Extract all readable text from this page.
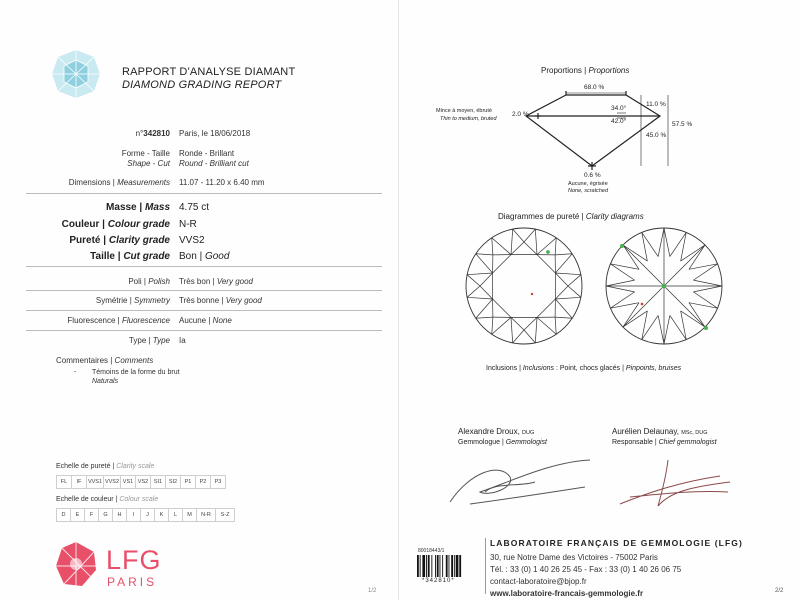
RAPPORT D'ANALYSE DIAMANT
DIAMOND GRADING REPORT
n°342810 Paris, le 18/06/2018
Forme - Taille
Shape - Cut
Ronde - Brillant
Round - Brilliant cut
Dimensions | Measurements 11.07 - 11.20 x 6.40 mm
Masse | Mass 4.75 ct
Couleur | Colour grade N-R
Pureté | Clarity grade VVS2
Taille | Cut grade Bon | Good
Poli | Polish Très bon | Very good
Symétrie | Symmetry Très bonne | Very good
Fluorescence | Fluorescence Aucune | None
Type | Type Ia
Commentaires | Comments
- Témoins de la forme du brut
Naturals
Echelle de pureté | Clarity scale
FL	IF	VVS1 VVS2 VS1 VS2	SI1	SI2	P1	P2	P3
Echelle de couleur | Colour scale
D	E	F	G	H	I	J	K	L	M	N-R	S-Z
LFG
PARIS
1/2
Proportions | Proportions
68.0 %
34.0°
11.0 %
42.0°
45.0 %
57.5 %
2.0 %
Mince à moyen, ébruté
Thin to medium, bruted
0.6 %
Aucune, égrisée
None, scratched
Diagrammes de pureté | Clarity diagrams
Inclusions | Inclusions : Point, chocs glacés | Pinpoints, bruises
Alexandre Droux, DUG
Gemmologue | Gemmologist
Aurélien Delaunay, MSc, DUG
Responsable | Chief gemmologist
80018443/1
*342810*
LABORATOIRE FRANÇAIS DE GEMMOLOGIE (LFG)
30, rue Notre Dame des Victoires - 75002 Paris
Tél. : 33 (0) 1 40 26 25 45 - Fax : 33 (0) 1 40 26 06 75
contact-laboratoire@bjop.fr
www.laboratoire-francais-gemmologie.fr	2/2
